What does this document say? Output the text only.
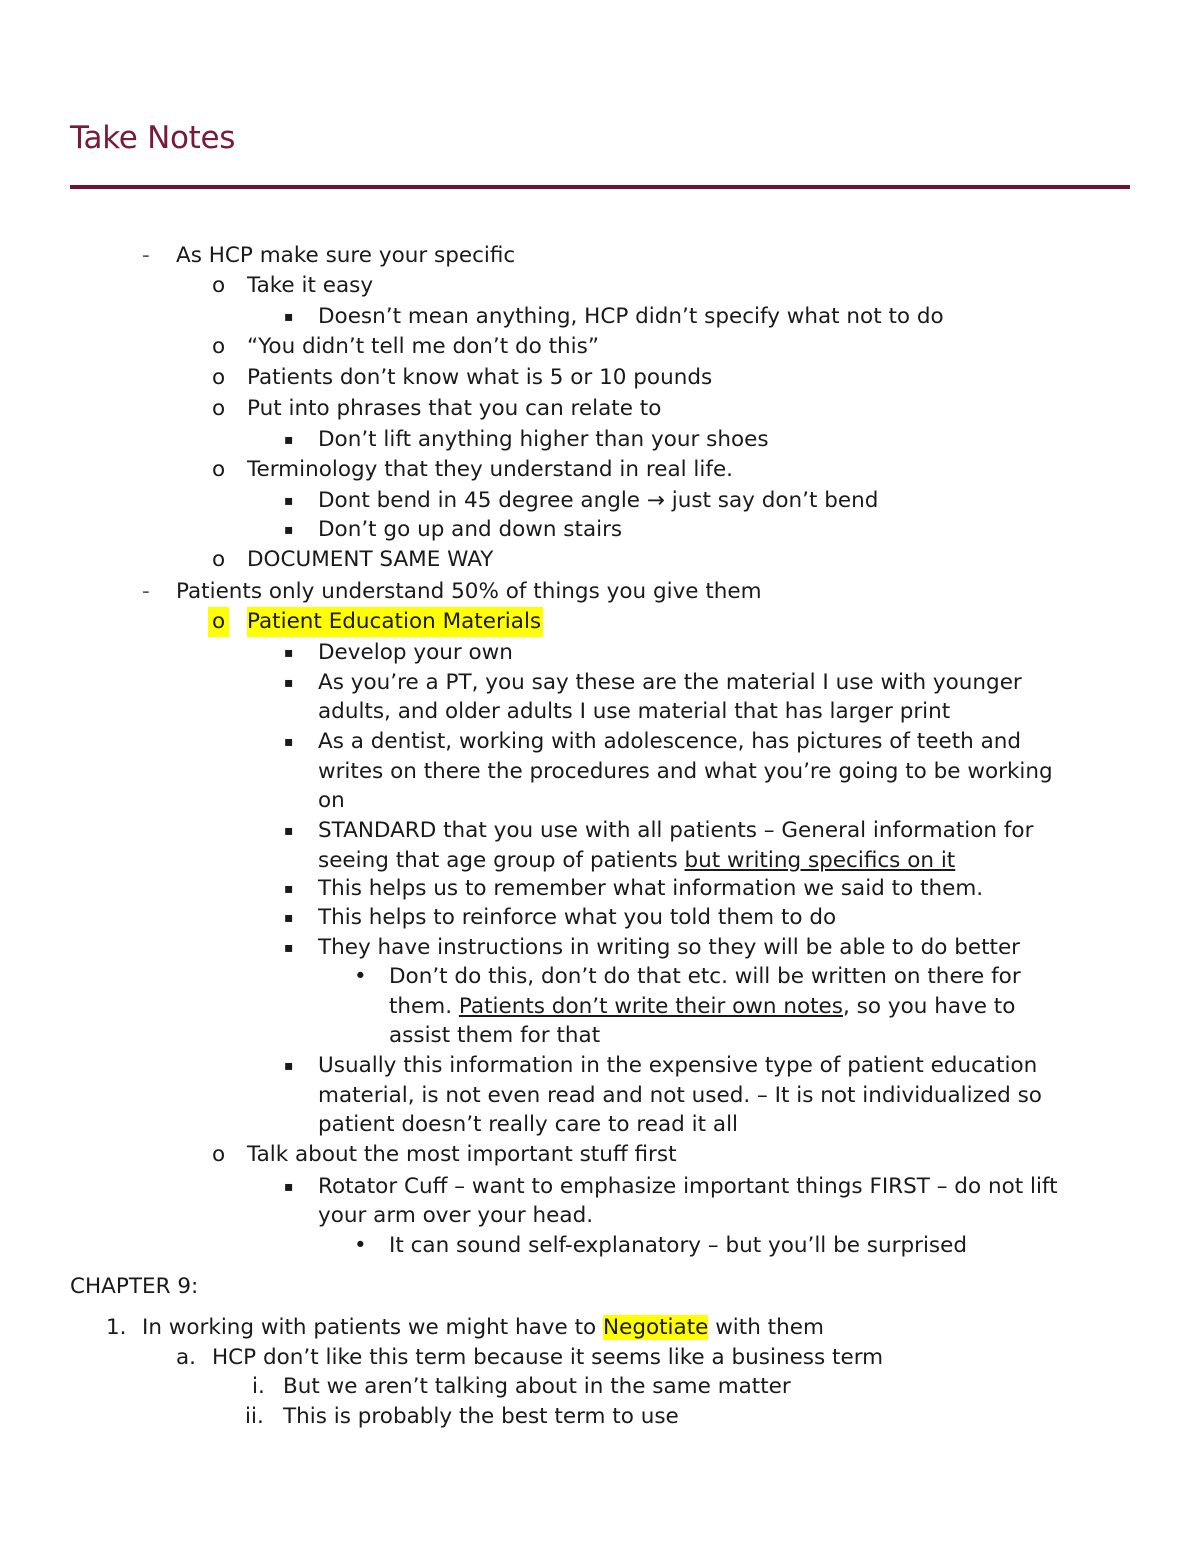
Take Notes
- As HCP make sure your specific
o Take it easy
▪ Doesn’t mean anything, HCP didn’t specify what not to do
o “You didn’t tell me don’t do this”
o Patients don’t know what is 5 or 10 pounds
o Put into phrases that you can relate to
▪ Don’t lift anything higher than your shoes
o Terminology that they understand in real life.
▪ Dont bend in 45 degree angle → just say don’t bend
▪ Don’t go up and down stairs
o DOCUMENT SAME WAY
- Patients only understand 50% of things you give them
o Patient Education Materials
▪ Develop your own
▪ As you’re a PT, you say these are the material I use with younger
adults, and older adults I use material that has larger print
▪ As a dentist, working with adolescence, has pictures of teeth and
writes on there the procedures and what you’re going to be working
on
▪ STANDARD that you use with all patients – General information for
seeing that age group of patients but writing specifics on it
▪ This helps us to remember what information we said to them.
▪ This helps to reinforce what you told them to do
▪ They have instructions in writing so they will be able to do better
• Don’t do this, don’t do that etc. will be written on there for
them. Patients don’t write their own notes, so you have to
assist them for that
▪ Usually this information in the expensive type of patient education
material, is not even read and not used. – It is not individualized so
patient doesn’t really care to read it all
o Talk about the most important stuff first
▪ Rotator Cuff – want to emphasize important things FIRST – do not lift
your arm over your head.
• It can sound self-explanatory – but you’ll be surprised
CHAPTER 9:
1. In working with patients we might have to Negotiate with them
a. HCP don’t like this term because it seems like a business term
i. But we aren’t talking about in the same matter
ii. This is probably the best term to use
